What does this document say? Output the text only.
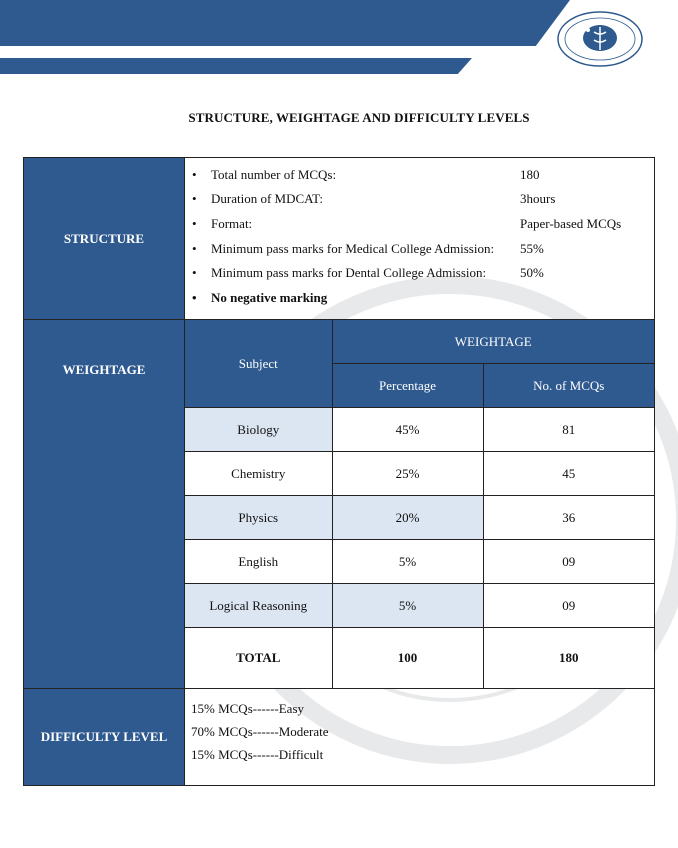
STRUCTURE, WEIGHTAGE AND DIFFICULTY LEVELS
STRUCTURE	
• Total number of MCQs:	180
• Duration of MDCAT:	3hours
• Format:	Paper-based MCQs
• Minimum pass marks for Medical College Admission: 55%
• Minimum pass marks for Dental College Admission:	50%
• No negative marking

WEIGHTAGE		Subject	WEIGHTAGE
Percentage	No. of MCQs
Biology	45%	81
Chemistry	25%	45
Physics	20%	36
English	5%	09
Logical Reasoning	5%	09
TOTAL	100	180

DIFFICULTY LEVEL	
15% MCQs------Easy
70% MCQs------Moderate
15% MCQs------Difficult
